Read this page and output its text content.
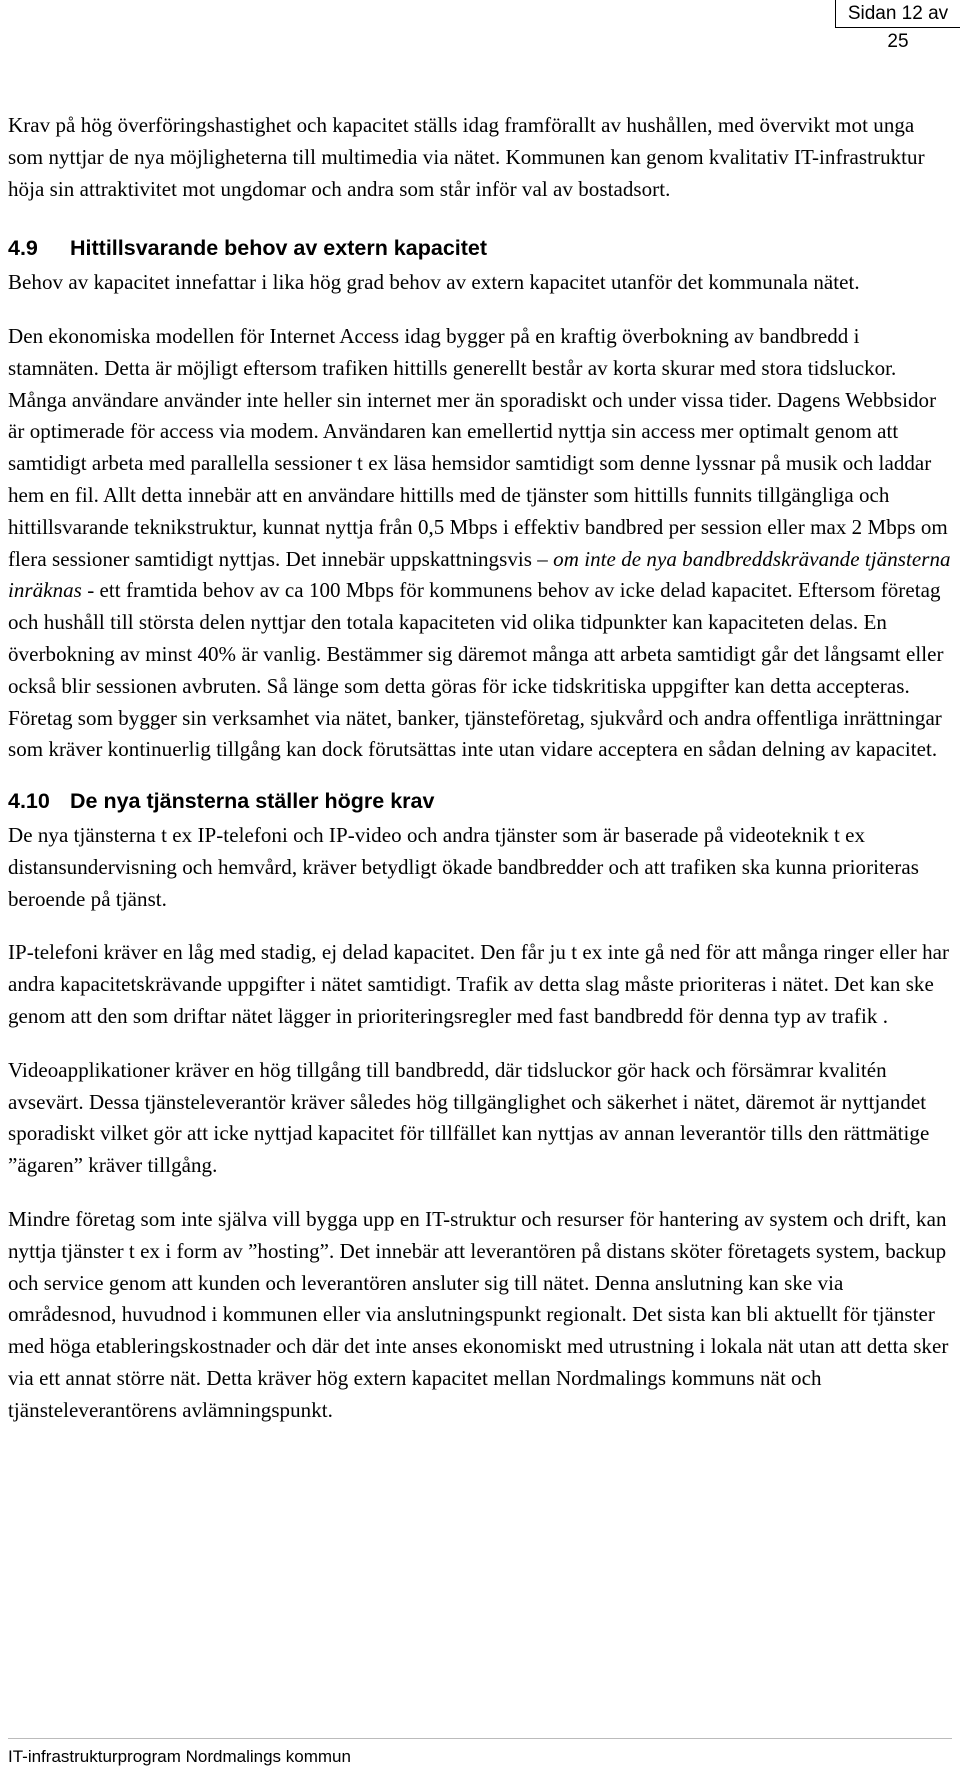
Sidan 12 av 25

Krav på hög överföringshastighet och kapacitet ställs idag framförallt av hushållen, med övervikt mot unga som nyttjar de nya möjligheterna till multimedia via nätet. Kommunen kan genom kvalitativ IT-infrastruktur höja sin attraktivitet mot ungdomar och andra som står inför val av bostadsort.

4.9 Hittillsvarande behov av extern kapacitet

Behov av kapacitet innefattar i lika hög grad behov av extern kapacitet utanför det kommunala nätet.

Den ekonomiska modellen för Internet Access idag bygger på en kraftig överbokning av bandbredd i stamnäten. Detta är möjligt eftersom trafiken hittills generellt består av korta skurar med stora tidsluckor. Många användare använder inte heller sin internet mer än sporadiskt och under vissa tider. Dagens Webbsidor är optimerade för access via modem. Användaren kan emellertid nyttja sin access mer optimalt genom att samtidigt arbeta med parallella sessioner t ex läsa hemsidor samtidigt som denne lyssnar på musik och laddar hem en fil. Allt detta innebär att en användare hittills med de tjänster som hittills funnits tillgängliga och hittillsvarande teknikstruktur, kunnat nyttja från 0,5 Mbps i effektiv bandbred per session eller max 2 Mbps om flera sessioner samtidigt nyttjas. Det innebär uppskattningsvis – om inte de nya bandbreddskrävande tjänsterna inräknas - ett framtida behov av ca 100 Mbps för kommunens behov av icke delad kapacitet. Eftersom företag och hushåll till största delen nyttjar den totala kapaciteten vid olika tidpunkter kan kapaciteten delas. En överbokning av minst 40% är vanlig. Bestämmer sig däremot många att arbeta samtidigt går det långsamt eller också blir sessionen avbruten. Så länge som detta göras för icke tidskritiska uppgifter kan detta accepteras. Företag som bygger sin verksamhet via nätet, banker, tjänsteföretag, sjukvård och andra offentliga inrättningar som kräver kontinuerlig tillgång kan dock förutsättas inte utan vidare acceptera en sådan delning av kapacitet.

4.10 De nya tjänsterna ställer högre krav

De nya tjänsterna t ex IP-telefoni och IP-video och andra tjänster som är baserade på videoteknik t ex distansundervisning och hemvård, kräver betydligt ökade bandbredder och att trafiken ska kunna prioriteras beroende på tjänst.

IP-telefoni kräver en låg med stadig, ej delad kapacitet. Den får ju t ex inte gå ned för att många ringer eller har andra kapacitetskrävande uppgifter i nätet samtidigt. Trafik av detta slag måste prioriteras i nätet. Det kan ske genom att den som driftar nätet lägger in prioriteringsregler med fast bandbredd för denna typ av trafik .

Videoapplikationer kräver en hög tillgång till bandbredd, där tidsluckor gör hack och försämrar kvalitén avsevärt. Dessa tjänsteleverantör kräver således hög tillgänglighet och säkerhet i nätet, däremot är nyttjandet sporadiskt vilket gör att icke nyttjad kapacitet för tillfället kan nyttjas av annan leverantör tills den rättmätige ”ägaren” kräver tillgång.

Mindre företag som inte själva vill bygga upp en IT-struktur och resurser för hantering av system och drift, kan nyttja tjänster t ex i form av ”hosting”. Det innebär att leverantören på distans sköter företagets system, backup och service genom att kunden och leverantören ansluter sig till nätet. Denna anslutning kan ske via områdesnod, huvudnod i kommunen eller via anslutningspunkt regionalt. Det sista kan bli aktuellt för tjänster med höga etableringskostnader och där det inte anses ekonomiskt med utrustning i lokala nät utan att detta sker via ett annat större nät. Detta kräver hög extern kapacitet mellan Nordmalings kommuns nät och tjänsteleverantörens avlämningspunkt.

IT-infrastrukturprogram Nordmalings kommun
